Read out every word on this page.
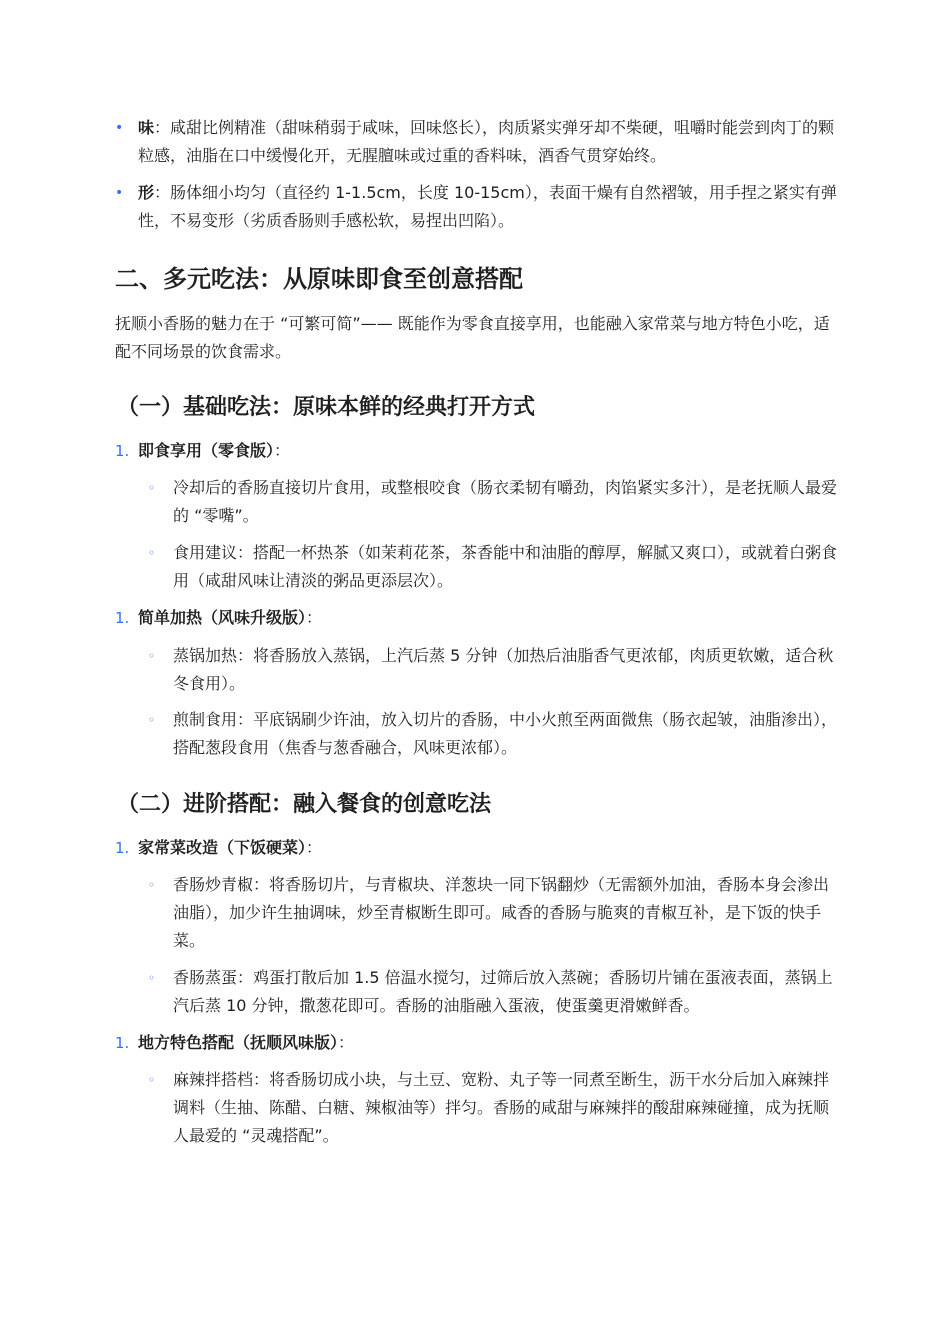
• 味：咸甜比例精准（甜味稍弱于咸味，回味悠长），肉质紧实弹牙却不柴硬，咀嚼时能尝到肉丁的颗粒感，油脂在口中缓慢化开，无腥膻味或过重的香料味，酒香气贯穿始终。
• 形：肠体细小均匀（直径约 1-1.5cm，长度 10-15cm），表面干燥有自然褶皱，用手捏之紧实有弹性，不易变形（劣质香肠则手感松软，易捏出凹陷）。
二、多元吃法：从原味即食至创意搭配
抚顺小香肠的魅力在于 “可繁可简”—— 既能作为零食直接享用，也能融入家常菜与地方特色小吃，适配不同场景的饮食需求。
（一）基础吃法：原味本鲜的经典打开方式
1. 即食享用（零食版）：
◦ 冷却后的香肠直接切片食用，或整根咬食（肠衣柔韧有嚼劲，肉馅紧实多汁），是老抚顺人最爱的 “零嘴”。
◦ 食用建议：搭配一杯热茶（如茉莉花茶，茶香能中和油脂的醇厚，解腻又爽口），或就着白粥食用（咸甜风味让清淡的粥品更添层次）。
1. 简单加热（风味升级版）：
◦ 蒸锅加热：将香肠放入蒸锅，上汽后蒸 5 分钟（加热后油脂香气更浓郁，肉质更软嫩，适合秋冬食用）。
◦ 煎制食用：平底锅刷少许油，放入切片的香肠，中小火煎至两面微焦（肠衣起皱，油脂渗出），搭配葱段食用（焦香与葱香融合，风味更浓郁）。
（二）进阶搭配：融入餐食的创意吃法
1. 家常菜改造（下饭硬菜）：
◦ 香肠炒青椒：将香肠切片，与青椒块、洋葱块一同下锅翻炒（无需额外加油，香肠本身会渗出油脂），加少许生抽调味，炒至青椒断生即可。咸香的香肠与脆爽的青椒互补，是下饭的快手菜。
◦ 香肠蒸蛋：鸡蛋打散后加 1.5 倍温水搅匀，过筛后放入蒸碗；香肠切片铺在蛋液表面，蒸锅上汽后蒸 10 分钟，撒葱花即可。香肠的油脂融入蛋液，使蛋羹更滑嫩鲜香。
1. 地方特色搭配（抚顺风味版）：
◦ 麻辣拌搭档：将香肠切成小块，与土豆、宽粉、丸子等一同煮至断生，沥干水分后加入麻辣拌调料（生抽、陈醋、白糖、辣椒油等）拌匀。香肠的咸甜与麻辣拌的酸甜麻辣碰撞，成为抚顺人最爱的 “灵魂搭配”。
